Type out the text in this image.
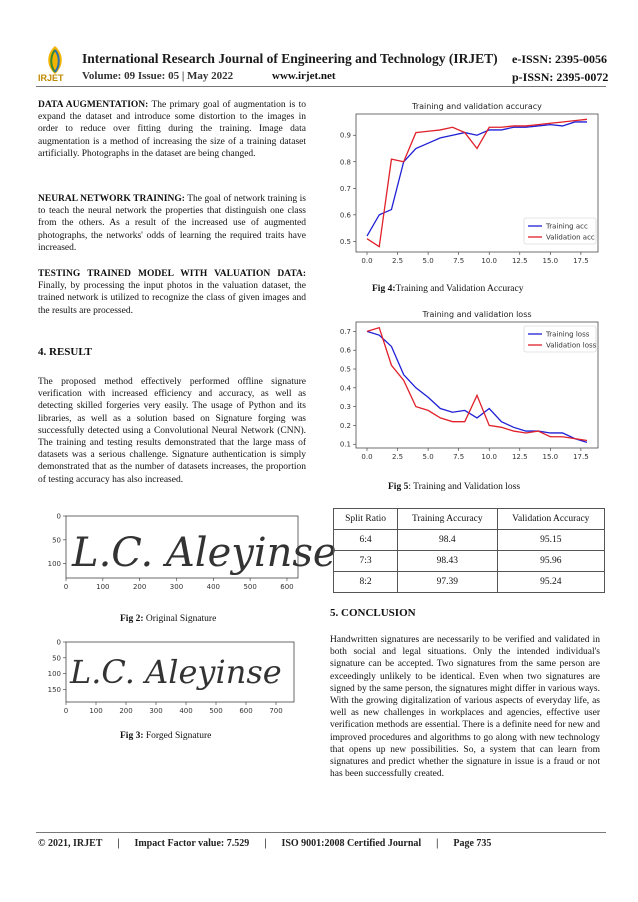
IRJET
International Research Journal of Engineering and Technology (IRJET) e-ISSN: 2395-0056
Volume: 09 Issue: 05 | May 2022	www.irjet.net	p-ISSN: 2395-0072
DATA AUGMENTATION: The primary goal of augmentation is to expand the dataset and introduce some distortion to the images in order to reduce over fitting during the training. Image data augmentation is a method of increasing the size of a training dataset artificially. Photographs in the dataset are being changed.
NEURAL NETWORK TRAINING: The goal of network training is to teach the neural network the properties that distinguish one class from the others. As a result of the increased use of augmented photographs, the networks' odds of learning the required traits have increased.
TESTING TRAINED MODEL WITH VALUATION DATA: Finally, by processing the input photos in the valuation dataset, the trained network is utilized to recognize the class of given images and the results are processed.
4. RESULT
The proposed method effectively performed offline signature verification with increased efficiency and accuracy, as well as detecting skilled forgeries very easily. The usage of Python and its libraries, as well as a solution based on Signature forging was successfully detected using a Convolutional Neural Network (CNN). The training and testing results demonstrated that the large mass of datasets was a serious challenge. Signature authentication is simply demonstrated that as the number of datasets increases, the proportion of testing accuracy has also increased.
L.C. Aleyinse
0	100	200	300	400	500	600
0
50
100
Fig 2: Original Signature
L.C. Aleyinse
0	100 200 300 400 500 600 700
0
50
100
150
Fig 3: Forged Signature
Training and validation accuracy
0.0	2.5	5.0	7.5 10.0 12.5 15.0 17.5
0.5
0.6
0.7
0.8
0.9
Training acc
Validation acc
Fig 4:Training and Validation Accuracy
Training and validation loss
0.0	2.5	5.0	7.5 10.0 12.5 15.0 17.5
0.1
0.2
0.3
0.4
0.5
0.6
0.7	Training loss
Validation loss
Fig 5: Training and Validation loss
Split Ratio	Training Accuracy	Validation Accuracy
6:4	98.4	95.15
7:3	98.43	95.96
8:2	97.39	95.24
5. CONCLUSION
Handwritten signatures are necessarily to be verified and validated in both social and legal situations. Only the intended individual's signature can be accepted. Two signatures from the same person are exceedingly unlikely to be identical. Even when two signatures are signed by the same person, the signatures might differ in various ways. With the growing digitalization of various aspects of everyday life, as well as new challenges in workplaces and agencies, effective user verification methods are essential. There is a definite need for new and improved procedures and algorithms to go along with new technology that opens up new possibilities. So, a system that can learn from signatures and predict whether the signature in issue is a fraud or not has been successfully created.
© 2021, IRJET      |      Impact Factor value: 7.529      |      ISO 9001:2008 Certified Journal      |      Page 735
